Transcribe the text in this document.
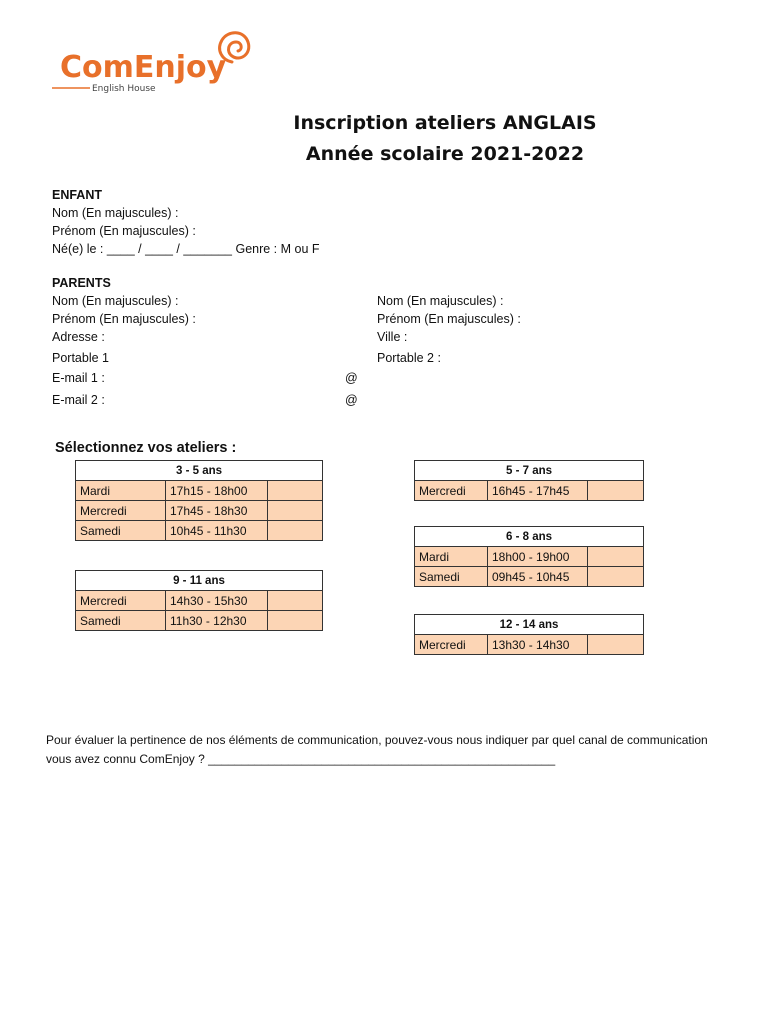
ComEnjoy
English House
Inscription ateliers ANGLAIS
Année scolaire 2021-2022
ENFANT
Nom (En majuscules) :
Prénom (En majuscules) :
Né(e) le : ____ / ____ / _______ Genre : M ou F
PARENTS
Nom (En majuscules) :
Prénom (En majuscules) :
Adresse :
Portable 1
E-mail 1 :
E-mail 2 :
@
@
Nom (En majuscules) :
Prénom (En majuscules) :
Ville :
Portable 2 :
Sélectionnez vos ateliers :
3 - 5 ans		
Mardi	17h15 - 18h00	
Mercredi	17h45 - 18h30	
Samedi	10h45 - 11h30	
9 - 11 ans		
Mercredi	14h30 - 15h30	
Samedi	11h30 - 12h30	
5 - 7 ans
Mercredi	16h45 - 17h45	
6 - 8 ans		
Mardi	18h00 - 19h00	
Samedi	09h45 - 10h45	
12 - 14 ans
Mercredi	13h30 - 14h30	
Pour évaluer la pertinence de nos éléments de communication, pouvez-vous nous indiquer par quel canal de communication vous avez connu ComEnjoy ? ____________________________________________________
